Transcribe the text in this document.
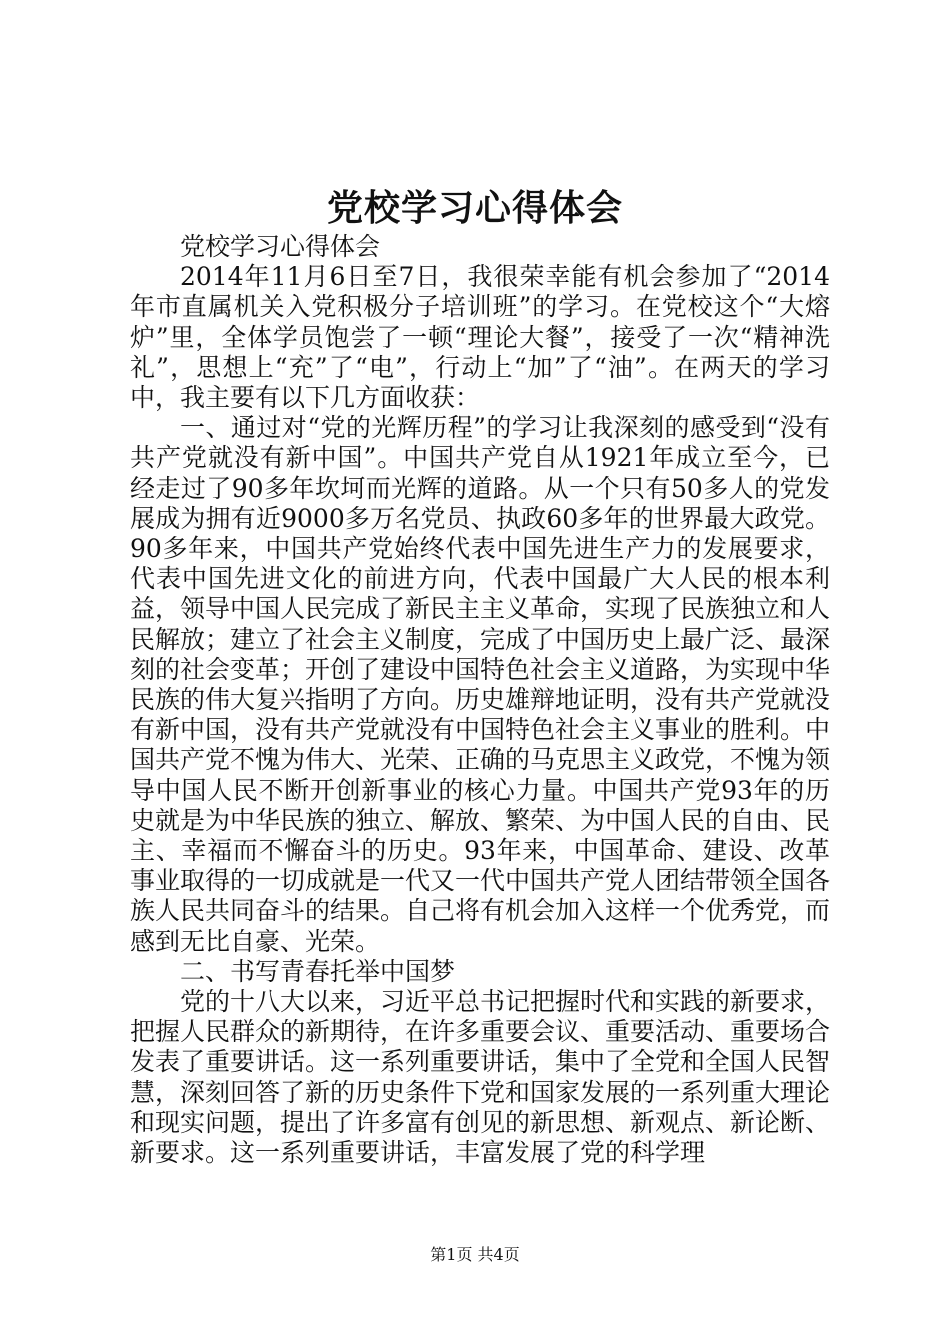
党校学习心得体会

党校学习心得体会

2014年11月6日至7日，我很荣幸能有机会参加了“2014年市直属机关入党积极分子培训班”的学习。在党校这个“大熔炉”里，全体学员饱尝了一顿“理论大餐”，接受了一次“精神洗礼”，思想上“充”了“电”，行动上“加”了“油”。在两天的学习中，我主要有以下几方面收获：

一、通过对“党的光辉历程”的学习让我深刻的感受到“没有共产党就没有新中国”。中国共产党自从1921年成立至今，已经走过了90多年坎坷而光辉的道路。从一个只有50多人的党发展成为拥有近9000多万名党员、执政60多年的世界最大政党。90多年来，中国共产党始终代表中国先进生产力的发展要求，代表中国先进文化的前进方向，代表中国最广大人民的根本利益，领导中国人民完成了新民主主义革命，实现了民族独立和人民解放；建立了社会主义制度，完成了中国历史上最广泛、最深刻的社会变革；开创了建设中国特色社会主义道路，为实现中华民族的伟大复兴指明了方向。历史雄辩地证明，没有共产党就没有新中国，没有共产党就没有中国特色社会主义事业的胜利。中国共产党不愧为伟大、光荣、正确的马克思主义政党，不愧为领导中国人民不断开创新事业的核心力量。中国共产党93年的历史就是为中华民族的独立、解放、繁荣、为中国人民的自由、民主、幸福而不懈奋斗的历史。93年来，中国革命、建设、改革事业取得的一切成就是一代又一代中国共产党人团结带领全国各族人民共同奋斗的结果。自己将有机会加入这样一个优秀党，而感到无比自豪、光荣。

二、书写青春托举中国梦

党的十八大以来，习近平总书记把握时代和实践的新要求，把握人民群众的新期待，在许多重要会议、重要活动、重要场合发表了重要讲话。这一系列重要讲话，集中了全党和全国人民智慧，深刻回答了新的历史条件下党和国家发展的一系列重大理论和现实问题，提出了许多富有创见的新思想、新观点、新论断、新要求。这一系列重要讲话，丰富发展了党的科学理

第1页 共4页
